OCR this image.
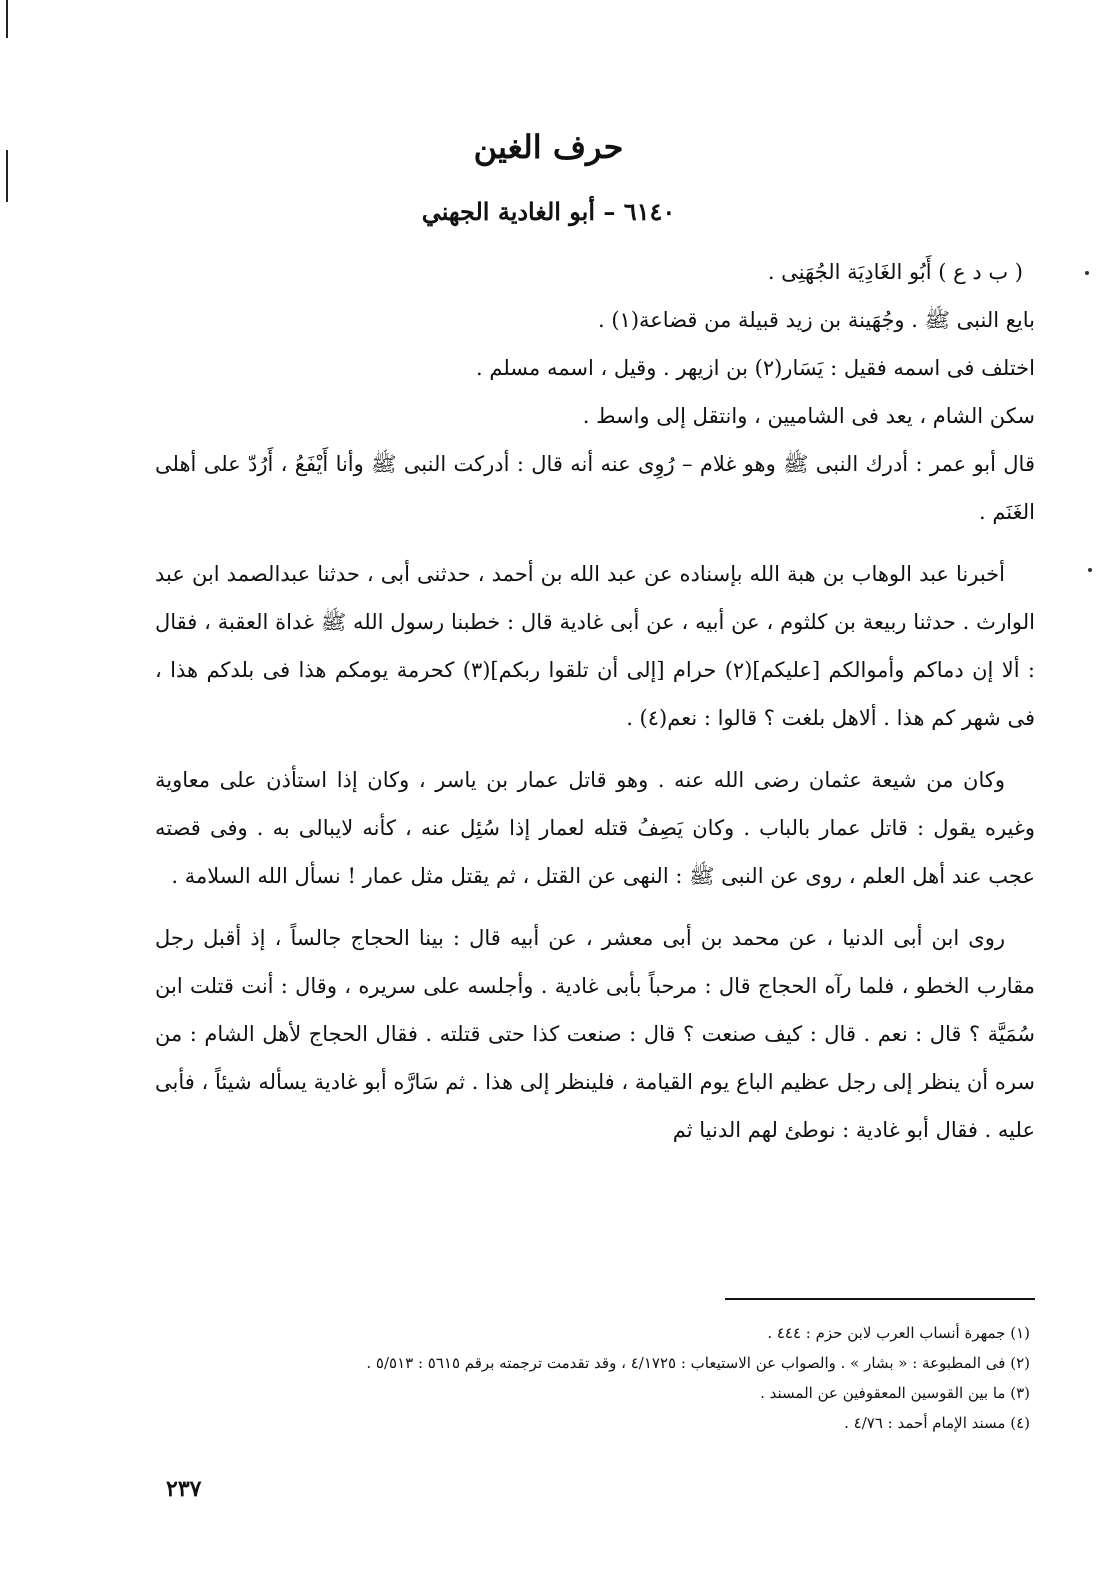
حرف الغين
٦١٤٠ – أبو الغادية الجهني

( ب د ع ) أَبُو الغَادِيَة الجُهَنِى .

بايع النبى ﷺ . وجُهَينة بن زيد قبيلة من قضاعة(١) .

اختلف فى اسمه فقيل : يَسَار(٢) بن ازيهر . وقيل ، اسمه مسلم .

سكن الشام ، يعد فى الشاميين ، وانتقل إلى واسط .

قال أبو عمر : أدرك النبى ﷺ وهو غلام – رُوِى عنه أنه قال : أدركت النبى ﷺ وأنا أَيْفَعُ ، أَرُدّ على أهلى الغَنَم .

أخبرنا عبد الوهاب بن هبة الله بإسناده عن عبد الله بن أحمد ، حدثنى أبى ، حدثنا عبدالصمد ابن عبد الوارث . حدثنا ربيعة بن كلثوم ، عن أبيه ، عن أبى غادية قال : خطبنا رسول الله ﷺ غداة العقبة ، فقال : ألا إن دماكم وأموالكم [عليكم](٢) حرام [إلى أن تلقوا ربكم](٣) كحرمة يومكم هذا فى بلدكم هذا ، فى شهر كم هذا . ألاهل بلغت ؟ قالوا : نعم(٤) .

وكان من شيعة عثمان رضى الله عنه . وهو قاتل عمار بن ياسر ، وكان إذا استأذن على معاوية وغيره يقول : قاتل عمار بالباب . وكان يَصِفُ قتله لعمار إذا سُئِل عنه ، كأنه لايبالى به . وفى قصته عجب عند أهل العلم ، روى عن النبى ﷺ : النهى عن القتل ، ثم يقتل مثل عمار ! نسأل الله السلامة .

روى ابن أبى الدنيا ، عن محمد بن أبى معشر ، عن أبيه قال : بينا الحجاج جالساً ، إذ أقبل رجل مقارب الخطو ، فلما رآه الحجاج قال : مرحباً بأبى غادية . وأجلسه على سريره ، وقال : أنت قتلت ابن سُمَيَّة ؟ قال : نعم . قال : كيف صنعت ؟ قال : صنعت كذا حتى قتلته . فقال الحجاج لأهل الشام : من سره أن ينظر إلى رجل عظيم الباع يوم القيامة ، فلينظر إلى هذا . ثم سَارَّه أبو غادية يسأله شيئاً ، فأبى عليه . فقال أبو غادية : نوطئ لهم الدنيا ثم

(١) جمهرة أنساب العرب لابن حزم : ٤٤٤ .

(٢) فى المطبوعة : « بشار » . والصواب عن الاستيعاب : ٤/١٧٢٥ ، وقد تقدمت ترجمته برقم ٥٦١٥ : ٥/٥١٣ .

(٣) ما بين القوسين المعقوفين عن المسند .

(٤) مسند الإمام أحمد : ٤/٧٦ .

٢٣٧
